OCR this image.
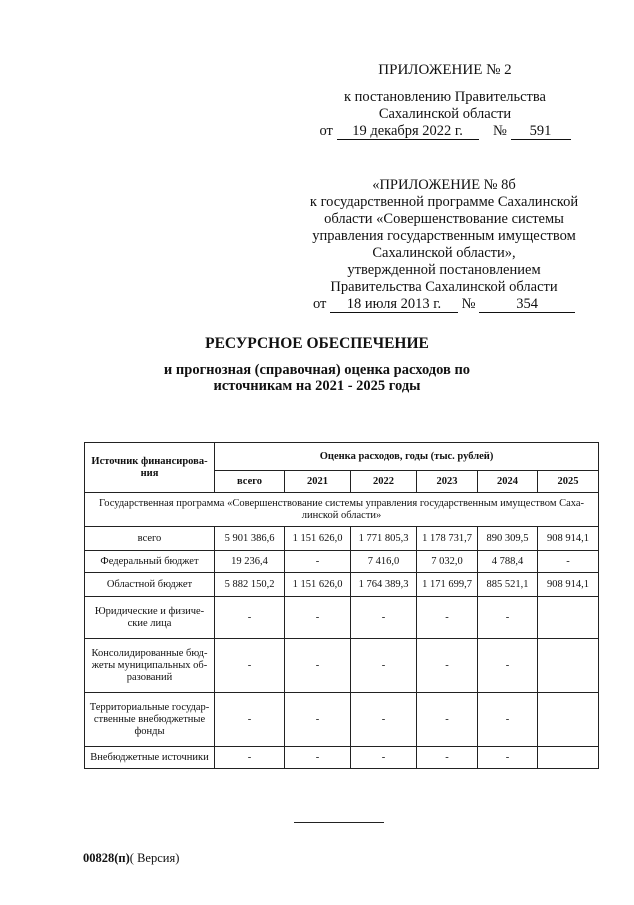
ПРИЛОЖЕНИЕ № 2
к постановлению Правительства
Сахалинской области
от 19 декабря 2022 г. № 591
«ПРИЛОЖЕНИЕ № 8б
к государственной программе Сахалинской
области «Совершенствование системы
управления государственным имуществом
Сахалинской области»,
утвержденной постановлением
Правительства Сахалинской области
от 18 июля 2013 г. №	354
РЕСУРСНОЕ ОБЕСПЕЧЕНИЕ
и прогнозная (справочная) оценка расходов по
источникам на 2021 - 2025 годы
Источник финансирова- ния	Оценка расходов, годы (тыс. рублей)					
	всего	2021	2022	2023	2024	2025
Государственная программа «Совершенствование системы управления государственным имуществом Саха- линской области»						
всего	5 901 386,6	1 151 626,0	1 771 805,3	1 178 731,7	890 309,5	908 914,1
Федеральный бюджет	19 236,4	-	7 416,0	7 032,0	4 788,4	-
Областной бюджет	5 882 150,2	1 151 626,0	1 764 389,3	1 171 699,7	885 521,1	908 914,1
Юридические и физиче- ские лица	-	-	-	-	-	
Консолидированные бюд- жеты муниципальных об- разований	-	-	-	-	-	
Территориальные государ- ственные внебюджетные фонды	-	-	-	-	-	
Внебюджетные источники	-	-	-	-	-	
00828(п)( Версия)
